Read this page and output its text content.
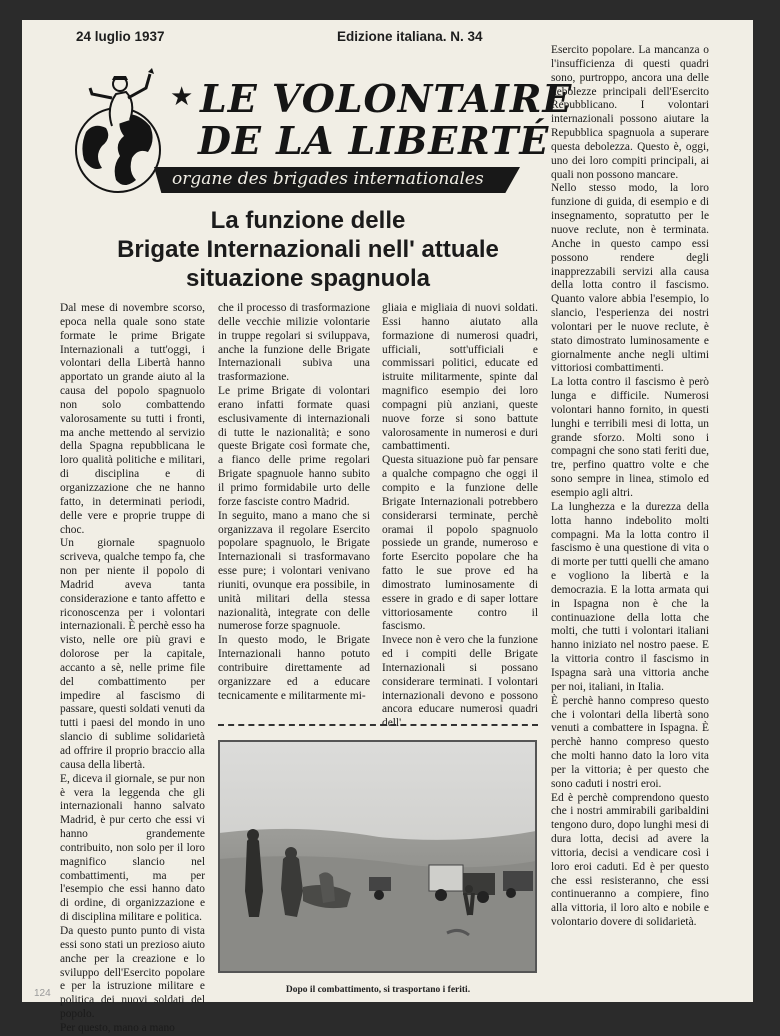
24 luglio 1937	Edizione italiana. N. 34
★ LE VOLONTAIRE
DE LA LIBERTÉ
organe des brigades internationales
La funzione delle
Brigate Internazionali nell' attuale
situazione spagnuola
Dal mese di novembre scorso, epoca nella quale sono state formate le prime Brigate Internazionali a tutt'oggi, i volontari della Libertà hanno apportato un grande aiuto al la causa del popolo spagnuolo non solo combattendo valorosamente su tutti i fronti, ma anche mettendo al servizio della Spagna repubblicana le loro qualità politiche e militari, di disciplina e di organizzazione che ne hanno fatto, in determinati periodi, delle vere e proprie truppe di choc.
Un giornale spagnuolo scriveva, qualche tempo fa, che non per niente il popolo di Madrid aveva tanta considerazione e tanto affetto e riconoscenza per i volontari internazionali. È perchè esso ha visto, nelle ore più gravi e dolorose per la capitale, accanto a sè, nelle prime file del combattimento per impedire al fascismo di passare, questi soldati venuti da tutti i paesi del mondo in uno slancio di sublime solidarietà ad offrire il proprio braccio alla causa della libertà.
E, diceva il giornale, se pur non è vera la leggenda che gli internazionali hanno salvato Madrid, è pur certo che essi vi hanno grandemente contribuito, non solo per il loro magnifico slancio nel combattimenti, ma per l'esempio che essi hanno dato di ordine, di organizzazione e di disciplina militare e politica.
Da questo punto punto di vista essi sono stati un prezioso aiuto anche per la creazione e lo sviluppo dell'Esercito popolare e per la istruzione militare e politica dei nuovi soldati del popolo.
Per questo, mano a mano
che il processo di trasformazione delle vecchie milizie volontarie in truppe regolari si sviluppava, anche la funzione delle Brigate Internazionali subiva una trasformazione.
Le prime Brigate di volontari erano infatti formate quasi esclusivamente di internazionali di tutte le nazionalità; e sono queste Brigate così formate che, a fianco delle prime regolari Brigate spagnuole hanno subito il primo formidabile urto delle forze fasciste contro Madrid.
In seguito, mano a mano che si organizzava il regolare Esercito popolare spagnuolo, le Brigate Internazionali si trasformavano esse pure; i volontari venivano riuniti, ovunque era possibile, in unità militari della stessa nazionalità, integrate con delle numerose forze spagnuole.
In questo modo, le Brigate Internazionali hanno potuto contribuire direttamente ad organizzare ed a educare tecnicamente e militarmente mi-
gliaia e migliaia di nuovi soldati. Essi hanno aiutato alla formazione di numerosi quadri, ufficiali, sott'ufficiali e commissari politici, educate ed istruite militarmente, spinte dal magnifico esempio dei loro compagni più anziani, queste nuove forze si sono battute valorosamente in numerosi e duri cambattimenti.
Questa situazione può far pensare a qualche compagno che oggi il compito e la funzione delle Brigate Internazionali potrebbero considerarsi terminate, perchè oramai il popolo spagnuolo possiede un grande, numeroso e forte Esercito popolare che ha fatto le sue prove ed ha dimostrato luminosamente di essere in grado e di saper lottare vittoriosamente contro il fascismo.
Invece non è vero che la funzione ed i compiti delle Brigate Internazionali si possano considerare terminati. I volontari internazionali devono e possono ancora educare numerosi quadri dell'
Esercito popolare. La mancanza o l'insufficienza di questi quadri sono, purtroppo, ancora una delle debolezze principali dell'Esercito Repubblicano. I volontari internazionali possono aiutare la Repubblica spagnuola a superare questa debolezza. Questo è, oggi, uno dei loro compiti principali, ai quali non possono mancare.
Nello stesso modo, la loro funzione di guida, di esempio e di insegnamento, sopratutto per le nuove reclute, non è terminata. Anche in questo campo essi possono rendere degli inapprezzabili servizi alla causa della lotta contro il fascismo. Quanto valore abbia l'esempio, lo slancio, l'esperienza dei nostri volontari per le nuove reclute, è stato dimostrato luminosamente e giornalmente anche negli ultimi vittoriosi combattimenti.
La lotta contro il fascismo è però lunga e difficile. Numerosi volontari hanno fornito, in questi lunghi e terribili mesi di lotta, un grande sforzo. Molti sono i compagni che sono stati feriti due, tre, perfino quattro volte e che sono sempre in linea, stimolo ed esempio agli altri.
La lunghezza e la durezza della lotta hanno indebolito molti compagni. Ma la lotta contro il fascismo è una questione di vita o di morte per tutti quelli che amano e vogliono la libertà e la democrazia. E la lotta armata qui in Ispagna non è che la continuazione della lotta che molti, che tutti i volontari italiani hanno iniziato nel nostro paese. E la vittoria contro il fascismo in Ispagna sarà una vittoria anche per noi, italiani, in Italia.
È perchè hanno compreso questo che i volontari della libertà sono venuti a combattere in Ispagna. È perchè hanno compreso questo che molti hanno dato la loro vita per la vittoria; è per questo che sono caduti i nostri eroi.
Ed è perchè comprendono questo che i nostri ammirabili garibaldini tengono duro, dopo lunghi mesi di dura lotta, decisi ad avere la vittoria, decisi a vendicare così i loro eroi caduti. Ed è per questo che essi resisteranno, che essi continueranno a compiere, fino alla vittoria, il loro alto e nobile e volontario dovere di solidarietà.
Dopo il combattimento, si trasportano i feriti.
124
